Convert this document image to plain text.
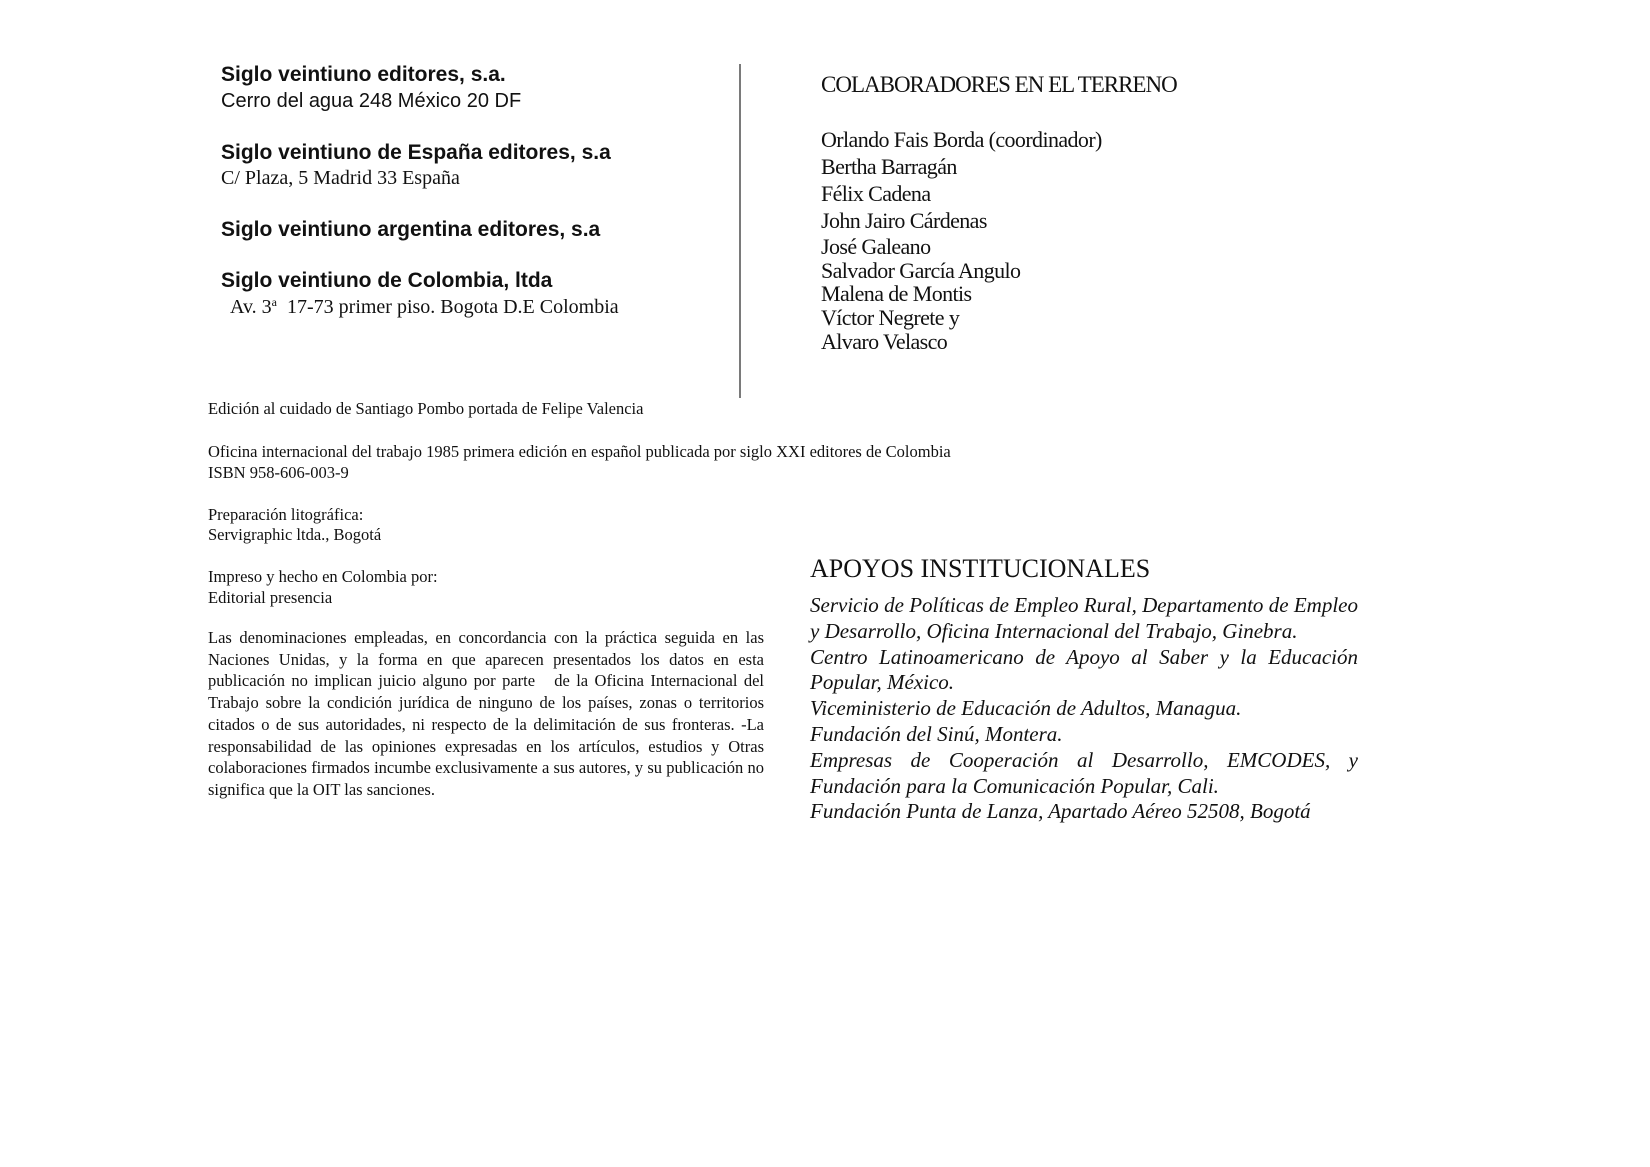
Siglo veintiuno editores, s.a.
Cerro del agua 248 México 20 DF
Siglo veintiuno de España editores, s.a
C/ Plaza, 5 Madrid 33 España
Siglo veintiuno argentina editores, s.a
Siglo veintiuno de Colombia, ltda
Av. 3$^a$  17-73 primer piso. Bogota D.E Colombia
COLABORADORES EN EL TERRENO
Orlando Fais Borda (coordinador)
Bertha Barragán
Félix Cadena
John Jairo Cárdenas
José Galeano
Salvador García Angulo
Malena de Montis
Víctor Negrete y
Alvaro Velasco
Edición al cuidado de Santiago Pombo portada de Felipe Valencia
Oficina internacional del trabajo 1985 primera edición en español publicada por siglo XXI editores de Colombia
ISBN 958-606-003-9
Preparación litográfica:
Servigraphic ltda., Bogotá
Impreso y hecho en Colombia por:
Editorial presencia
Las denominaciones empleadas, en concordancia con la práctica seguida en las Naciones Unidas, y la forma en que aparecen presentados los datos en esta publicación no implican juicio alguno por parte   de la Oficina Internacional del Trabajo sobre la condición jurídica de ninguno de los países, zonas o territorios citados o de sus autoridades, ni respecto de la delimitación de sus fronteras. -La responsabilidad de las opiniones expresadas en los artículos, estudios y Otras colaboraciones firmados incumbe exclusivamente a sus autores, y su publicación no significa que la OIT las sanciones.
APOYOS INSTITUCIONALES
Servicio de Políticas de Empleo Rural, Departamento de Empleo y Desarrollo, Oficina Internacional del Trabajo, Ginebra.
Centro Latinoamericano de Apoyo al Saber y la Educación Popular, México.
Viceministerio de Educación de Adultos, Managua.
Fundación del Sinú, Montera.
Empresas de Cooperación al Desarrollo, EMCODES, y Fundación para la Comunicación Popular, Cali.
Fundación Punta de Lanza, Apartado Aéreo 52508, Bogotá
